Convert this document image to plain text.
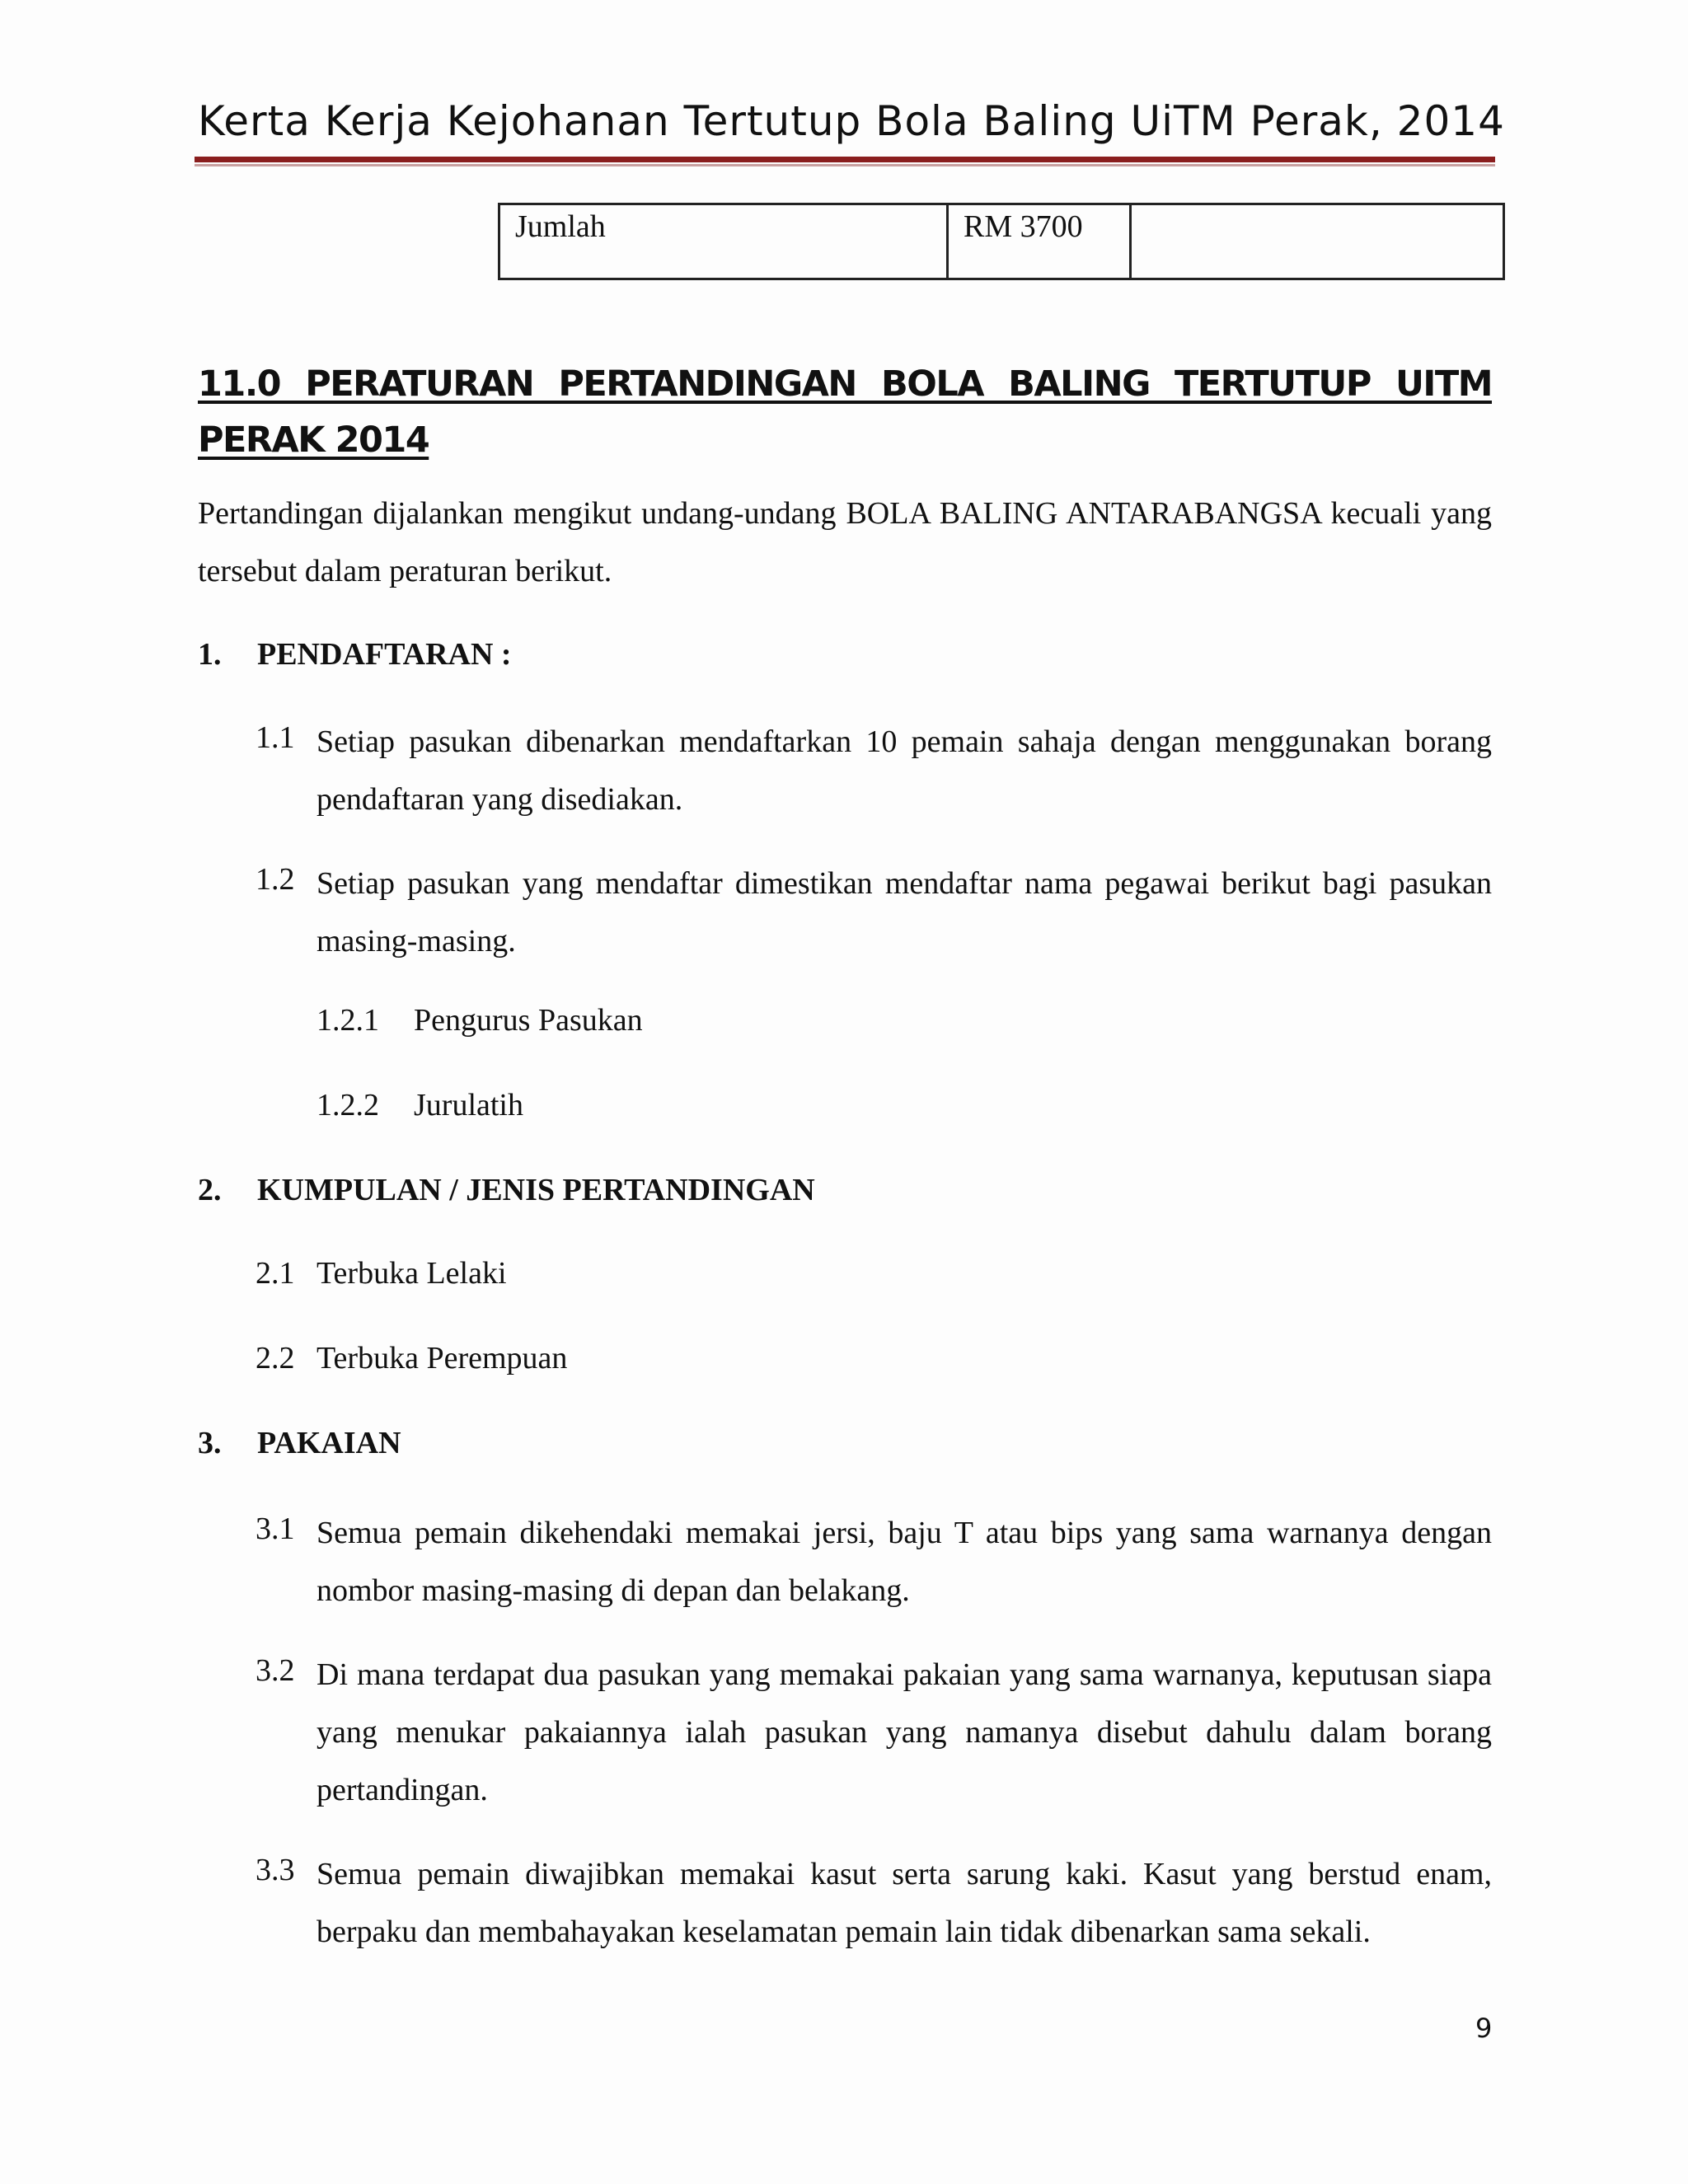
Kerta Kerja Kejohanan Tertutup Bola Baling UiTM Perak, 2014
Jumlah	RM 3700	
11.0 PERATURAN PERTANDINGAN BOLA BALING TERTUTUP UITM PERAK 2014
Pertandingan dijalankan mengikut undang-undang BOLA BALING ANTARABANGSA kecuali yang tersebut dalam peraturan berikut.
1. PENDAFTARAN :
1.1 Setiap pasukan dibenarkan mendaftarkan 10 pemain sahaja dengan menggunakan borang pendaftaran yang disediakan.
1.2 Setiap pasukan yang mendaftar dimestikan mendaftar nama pegawai berikut bagi pasukan masing-masing.
1.2.1 Pengurus Pasukan
1.2.2 Jurulatih
2. KUMPULAN / JENIS PERTANDINGAN
2.1 Terbuka Lelaki
2.2 Terbuka Perempuan
3. PAKAIAN
3.1 Semua pemain dikehendaki memakai jersi, baju T atau bips yang sama warnanya dengan nombor masing-masing di depan dan belakang.
3.2 Di mana terdapat dua pasukan yang memakai pakaian yang sama warnanya, keputusan siapa yang menukar pakaiannya ialah pasukan yang namanya disebut dahulu dalam borang pertandingan.
3.3 Semua pemain diwajibkan memakai kasut serta sarung kaki. Kasut yang berstud enam, berpaku dan membahayakan keselamatan pemain lain tidak dibenarkan sama sekali.
9
